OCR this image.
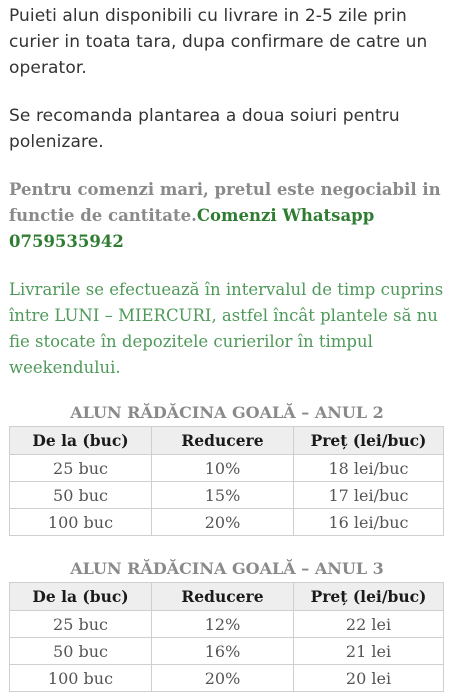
Puieti alun disponibili cu livrare in 2-5 zile prin curier in toata tara, dupa confirmare de catre un operator.

Se recomanda plantarea a doua soiuri pentru polenizare.

Pentru comenzi mari, pretul este negociabil in functie de cantitate.Comenzi Whatsapp
0759535942

Livrarile se efectuează în intervalul de timp cuprins între LUNI – MIERCURI, astfel încât plantele să nu fie stocate în depozitele curierilor în timpul weekendului.

ALUN RĂDĂCINA GOALĂ – ANUL 2
De la (buc)	Reducere	Preț (lei/buc)
25 buc	10%	18 lei/buc
50 buc	15%	17 lei/buc
100 buc	20%	16 lei/buc
ALUN RĂDĂCINA GOALĂ – ANUL 3
De la (buc)	Reducere	Preț (lei/buc)
25 buc	12%	22 lei
50 buc	16%	21 lei
100 buc	20%	20 lei
